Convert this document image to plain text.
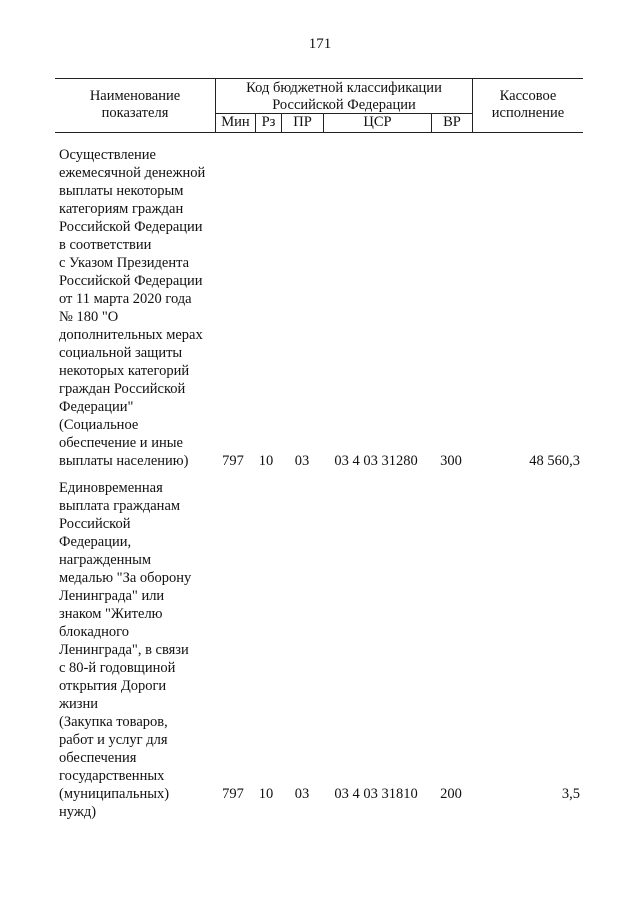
171
Наименование
показателя
Код бюджетной классификации
Российской Федерации
Кассовое
исполнение
Мин Рз	ПР	ЦСР	ВР
Осуществление
ежемесячной денежной
выплаты некоторым
категориям граждан
Российской Федерации
в соответствии
с Указом Президента
Российской Федерации
от 11 марта 2020 года
№ 180 "О
дополнительных мерах
социальной защиты
некоторых категорий
граждан Российской
Федерации"
(Социальное
обеспечение и иные
выплаты населению)	797	10	03	03 4 03 31280	300	48 560,3
Единовременная
выплата гражданам
Российской
Федерации,
награжденным
медалью "За оборону
Ленинграда" или
знаком "Жителю
блокадного
Ленинграда", в связи
с 80-й годовщиной
открытия Дороги
жизни
(Закупка товаров,
работ и услуг для
обеспечения
государственных
(муниципальных)
нужд)
797	10	03	03 4 03 31810	200	3,5
